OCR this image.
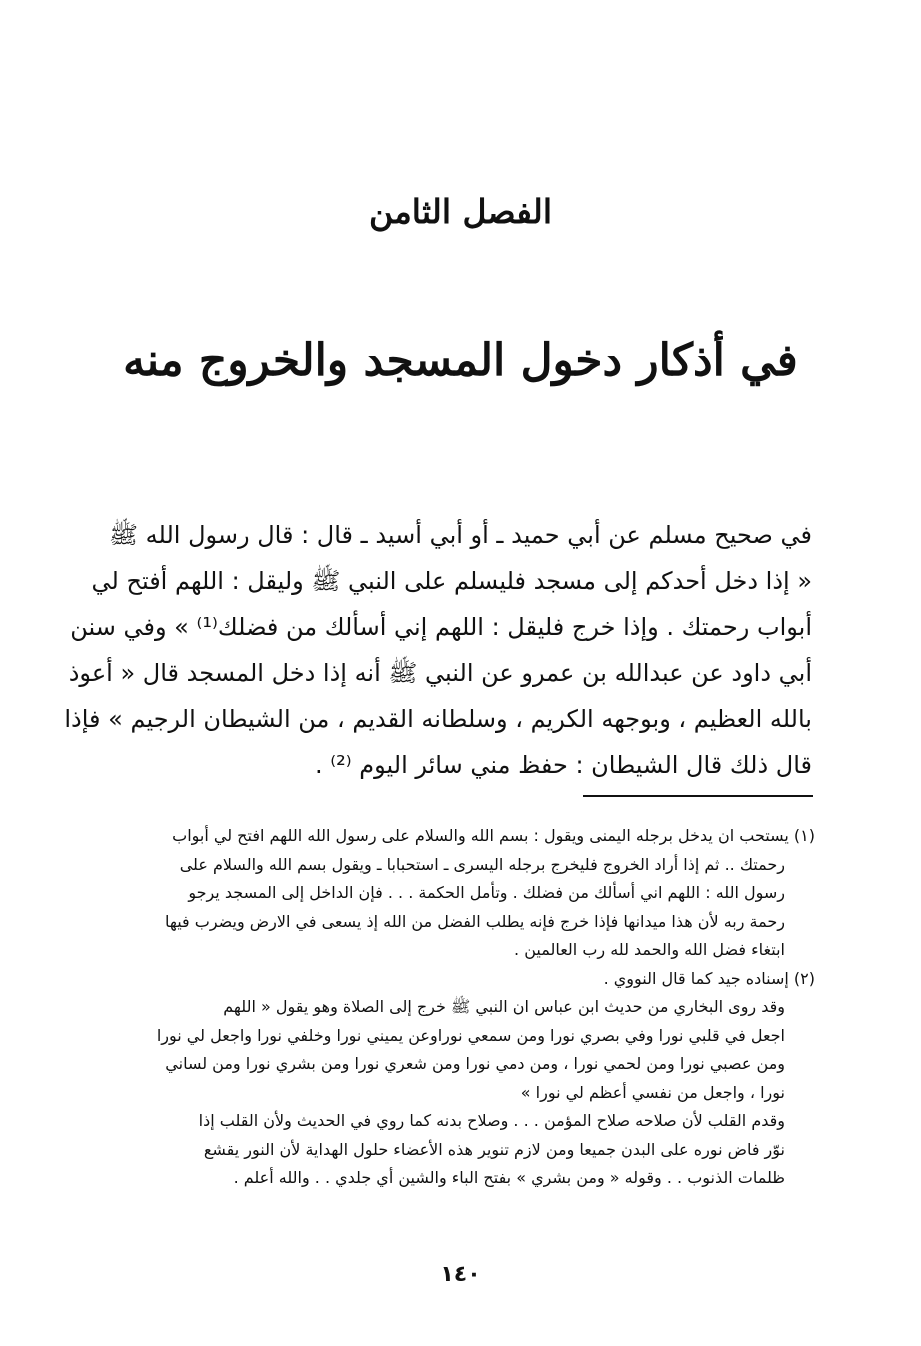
الفصل الثامن
في أذكار دخول المسجد والخروج منه
في صحيح مسلم عن أبي حميد ـ أو أبي أسيد ـ قال : قال رسول الله ﷺ
« إذا دخل أحدكم إلى مسجد فليسلم على النبي ﷺ وليقل : اللهم أفتح لي
أبواب رحمتك . وإذا خرج فليقل : اللهم إني أسألك من فضلك⁽¹⁾ » وفي سنن
أبي داود عن عبدالله بن عمرو عن النبي ﷺ أنه إذا دخل المسجد قال « أعوذ
بالله العظيم ، وبوجهه الكريم ، وسلطانه القديم ، من الشيطان الرجيم » فإذا
قال ذلك قال الشيطان : حفظ مني سائر اليوم ⁽²⁾ .
(١) يستحب ان يدخل برجله اليمنى ويقول : بسم الله والسلام على رسول الله اللهم افتح لي أبواب
رحمتك .. ثم إذا أراد الخروج فليخرج برجله اليسرى ـ استحبابا ـ ويقول بسم الله والسلام على
رسول الله : اللهم اني أسألك من فضلك . وتأمل الحكمة . . . فإن الداخل إلى المسجد يرجو
رحمة ربه لأن هذا ميدانها فإذا خرج فإنه يطلب الفضل من الله إذ يسعى في الارض ويضرب فيها
ابتغاء فضل الله والحمد لله رب العالمين .
(٢) إسناده جيد كما قال النووي .
وقد روى البخاري من حديث ابن عباس ان النبي ﷺ خرج إلى الصلاة وهو يقول « اللهم
اجعل في قلبي نورا وفي بصري نورا ومن سمعي نوراوعن يميني نورا وخلفي نورا واجعل لي نورا
ومن عصبي نورا ومن لحمي نورا ، ومن دمي نورا ومن شعري نورا ومن بشري نورا ومن لساني
نورا ، واجعل من نفسي أعظم لي نورا »
وقدم القلب لأن صلاحه صلاح المؤمن . . . وصلاح بدنه كما روي في الحديث ولأن القلب إذا
نوّر فاض نوره على البدن جميعا ومن لازم تنوير هذه الأعضاء حلول الهداية لأن النور يقشع
ظلمات الذنوب . . وقوله « ومن بشري » بفتح الباء والشين أي جلدي . . والله أعلم .
١٤٠
